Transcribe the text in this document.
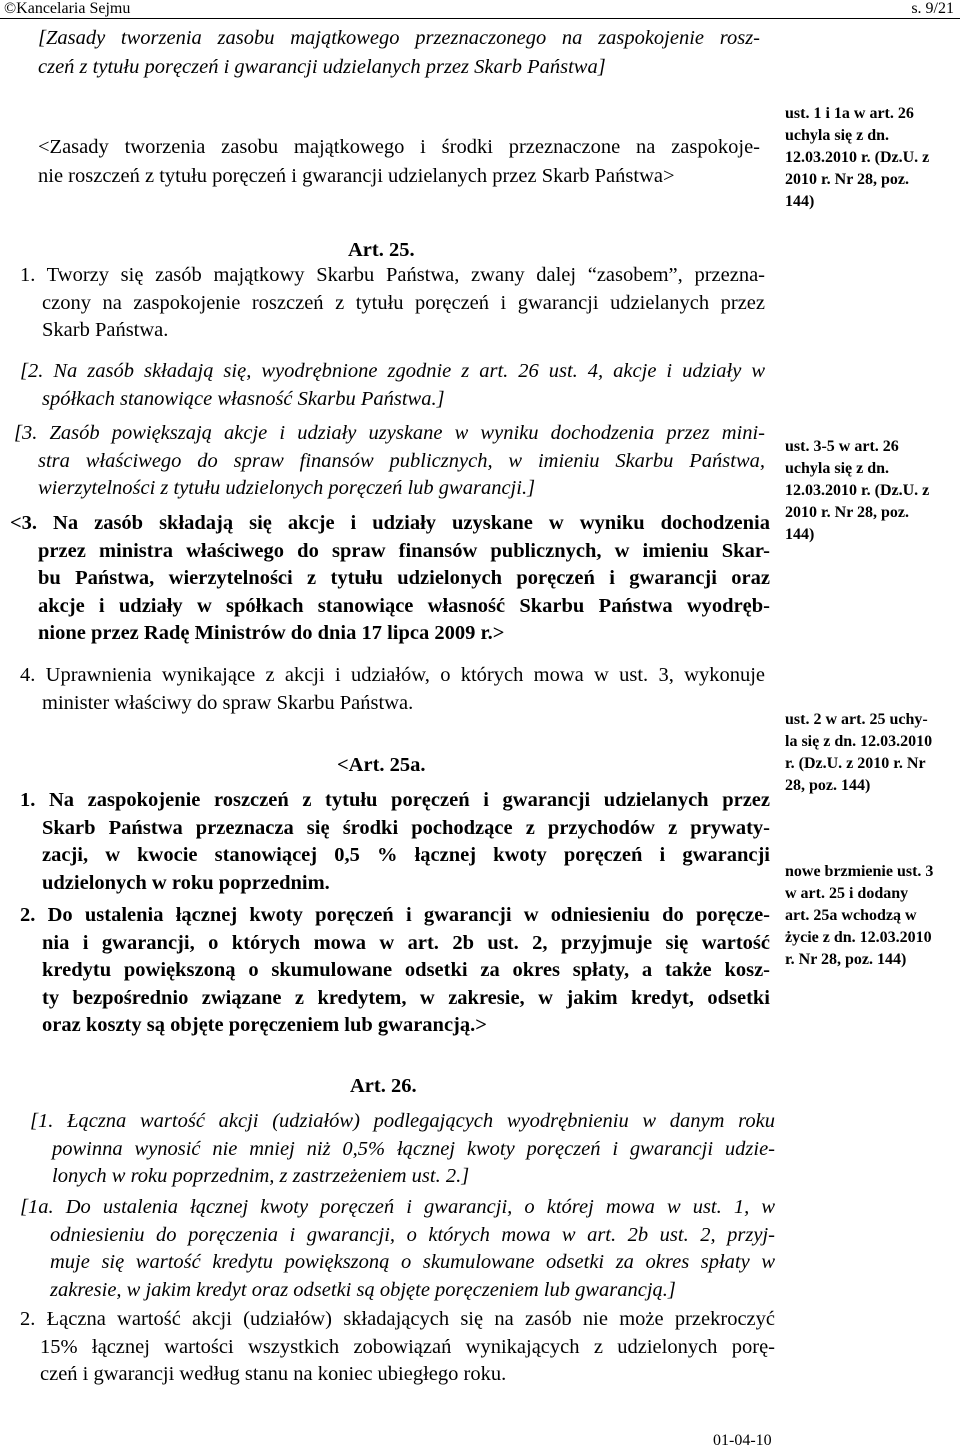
©Kancelaria Sejmu	s. 9/21
[Zasady tworzenia zasobu majątkowego przeznaczonego na zaspokojenie rosz-
czeń z tytułu poręczeń i gwarancji udzielanych przez Skarb Państwa]
<Zasady tworzenia zasobu majątkowego i środki przeznaczone na zaspokoje-
nie roszczeń z tytułu poręczeń i gwarancji udzielanych przez Skarb Państwa>
ust. 1 i 1a w art. 26
uchyla się z dn.
12.03.2010 r. (Dz.U. z
2010 r. Nr 28, poz.
144)
ust. 3-5 w art. 26
uchyla się z dn.
12.03.2010 r. (Dz.U. z
2010 r. Nr 28, poz.
144)
ust. 2 w art. 25 uchy-
la się z dn. 12.03.2010
r. (Dz.U. z 2010 r. Nr
28, poz. 144)
nowe brzmienie ust. 3
w art. 25 i dodany
art. 25a wchodzą w
życie z dn. 12.03.2010
r. Nr 28, poz. 144)
Art. 25.
1. Tworzy się zasób majątkowy Skarbu Państwa, zwany dalej “zasobem”, przezna-
czony na zaspokojenie roszczeń z tytułu poręczeń i gwarancji udzielanych przez
Skarb Państwa.
[2. Na zasób składają się, wyodrębnione zgodnie z art. 26 ust. 4, akcje i udziały w
spółkach stanowiące własność Skarbu Państwa.]
[3. Zasób powiększają akcje i udziały uzyskane w wyniku dochodzenia przez mini-
stra właściwego do spraw finansów publicznych, w imieniu Skarbu Państwa,
wierzytelności z tytułu udzielonych poręczeń lub gwarancji.]
<3. Na zasób składają się akcje i udziały uzyskane w wyniku dochodzenia
przez ministra właściwego do spraw finansów publicznych, w imieniu Skar-
bu Państwa, wierzytelności z tytułu udzielonych poręczeń i gwarancji oraz
akcje i udziały w spółkach stanowiące własność Skarbu Państwa wyodręb-
nione przez Radę Ministrów do dnia 17 lipca 2009 r.>
4. Uprawnienia wynikające z akcji i udziałów, o których mowa w ust. 3, wykonuje
minister właściwy do spraw Skarbu Państwa.
<Art. 25a.
1. Na zaspokojenie roszczeń z tytułu poręczeń i gwarancji udzielanych przez
Skarb Państwa przeznacza się środki pochodzące z przychodów z prywaty-
zacji, w kwocie stanowiącej 0,5 % łącznej kwoty poręczeń i gwarancji
udzielonych w roku poprzednim.
2. Do ustalenia łącznej kwoty poręczeń i gwarancji w odniesieniu do poręcze-
nia i gwarancji, o których mowa w art. 2b ust. 2, przyjmuje się wartość
kredytu powiększoną o skumulowane odsetki za okres spłaty, a także kosz-
ty bezpośrednio związane z kredytem, w zakresie, w jakim kredyt, odsetki
oraz koszty są objęte poręczeniem lub gwarancją.>
Art. 26.
[1. Łączna wartość akcji (udziałów) podlegających wyodrębnieniu w danym roku
powinna wynosić nie mniej niż 0,5% łącznej kwoty poręczeń i gwarancji udzie-
lonych w roku poprzednim, z zastrzeżeniem ust. 2.]
[1a. Do ustalenia łącznej kwoty poręczeń i gwarancji, o której mowa w ust. 1, w
odniesieniu do poręczenia i gwarancji, o których mowa w art. 2b ust. 2, przyj-
muje się wartość kredytu powiększoną o skumulowane odsetki za okres spłaty w
zakresie, w jakim kredyt oraz odsetki są objęte poręczeniem lub gwarancją.]
2. Łączna wartość akcji (udziałów) składających się na zasób nie może przekroczyć
15% łącznej wartości wszystkich zobowiązań wynikających z udzielonych porę-
czeń i gwarancji według stanu na koniec ubiegłego roku.
01-04-10
